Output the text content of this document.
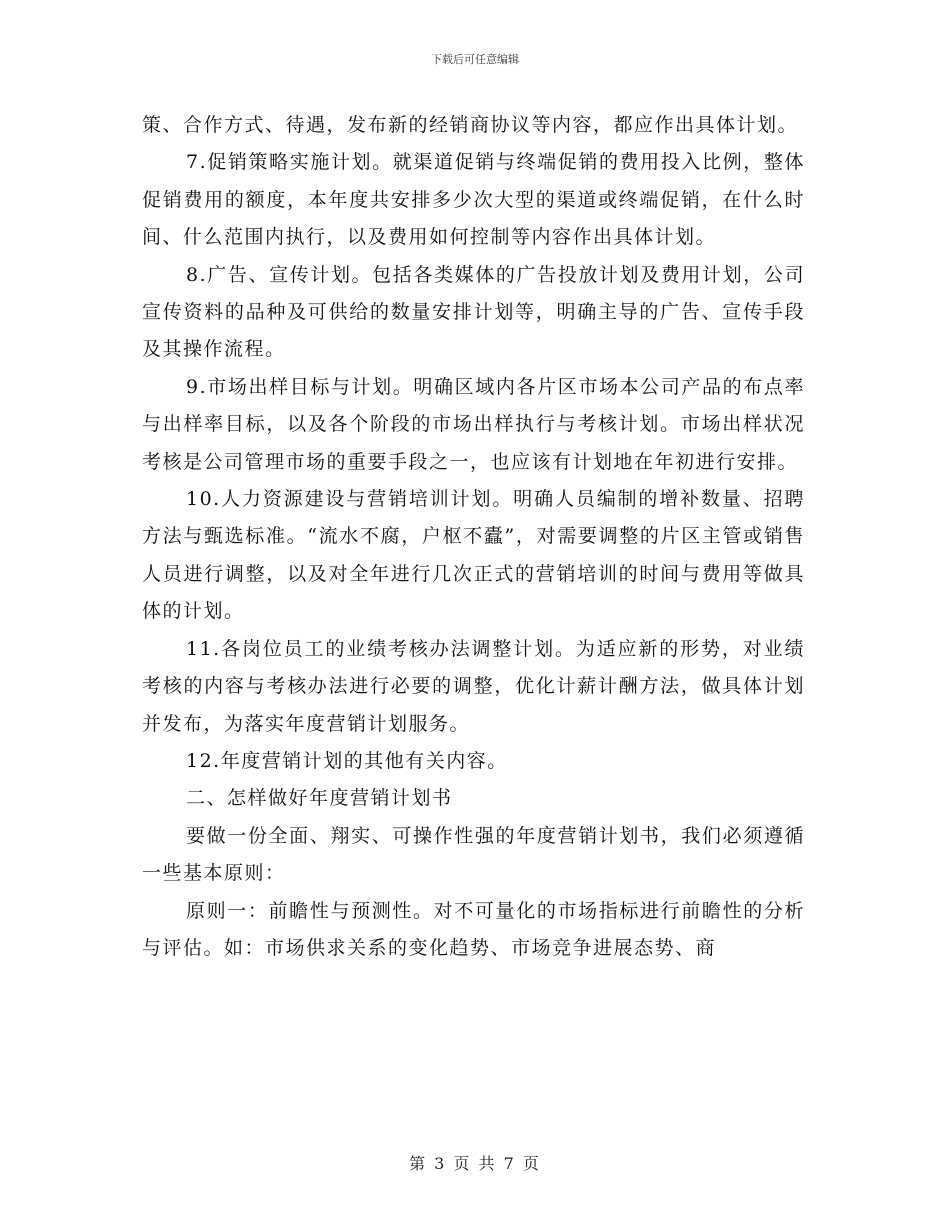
下载后可任意编辑

策、合作方式、待遇，发布新的经销商协议等内容，都应作出具体计划。

7.促销策略实施计划。就渠道促销与终端促销的费用投入比例，整体促销费用的额度，本年度共安排多少次大型的渠道或终端促销，在什么时间、什么范围内执行，以及费用如何控制等内容作出具体计划。

8.广告、宣传计划。包括各类媒体的广告投放计划及费用计划，公司宣传资料的品种及可供给的数量安排计划等，明确主导的广告、宣传手段及其操作流程。

9.市场出样目标与计划。明确区域内各片区市场本公司产品的布点率与出样率目标，以及各个阶段的市场出样执行与考核计划。市场出样状况考核是公司管理市场的重要手段之一，也应该有计划地在年初进行安排。

10.人力资源建设与营销培训计划。明确人员编制的增补数量、招聘方法与甄选标准。“流水不腐，户枢不蠹”，对需要调整的片区主管或销售人员进行调整，以及对全年进行几次正式的营销培训的时间与费用等做具体的计划。

11.各岗位员工的业绩考核办法调整计划。为适应新的形势，对业绩考核的内容与考核办法进行必要的调整，优化计薪计酬方法，做具体计划并发布，为落实年度营销计划服务。

12.年度营销计划的其他有关内容。

二、怎样做好年度营销计划书

要做一份全面、翔实、可操作性强的年度营销计划书，我们必须遵循一些基本原则：

原则一：前瞻性与预测性。对不可量化的市场指标进行前瞻性的分析与评估。如：市场供求关系的变化趋势、市场竞争进展态势、商

第 3 页 共 7 页
